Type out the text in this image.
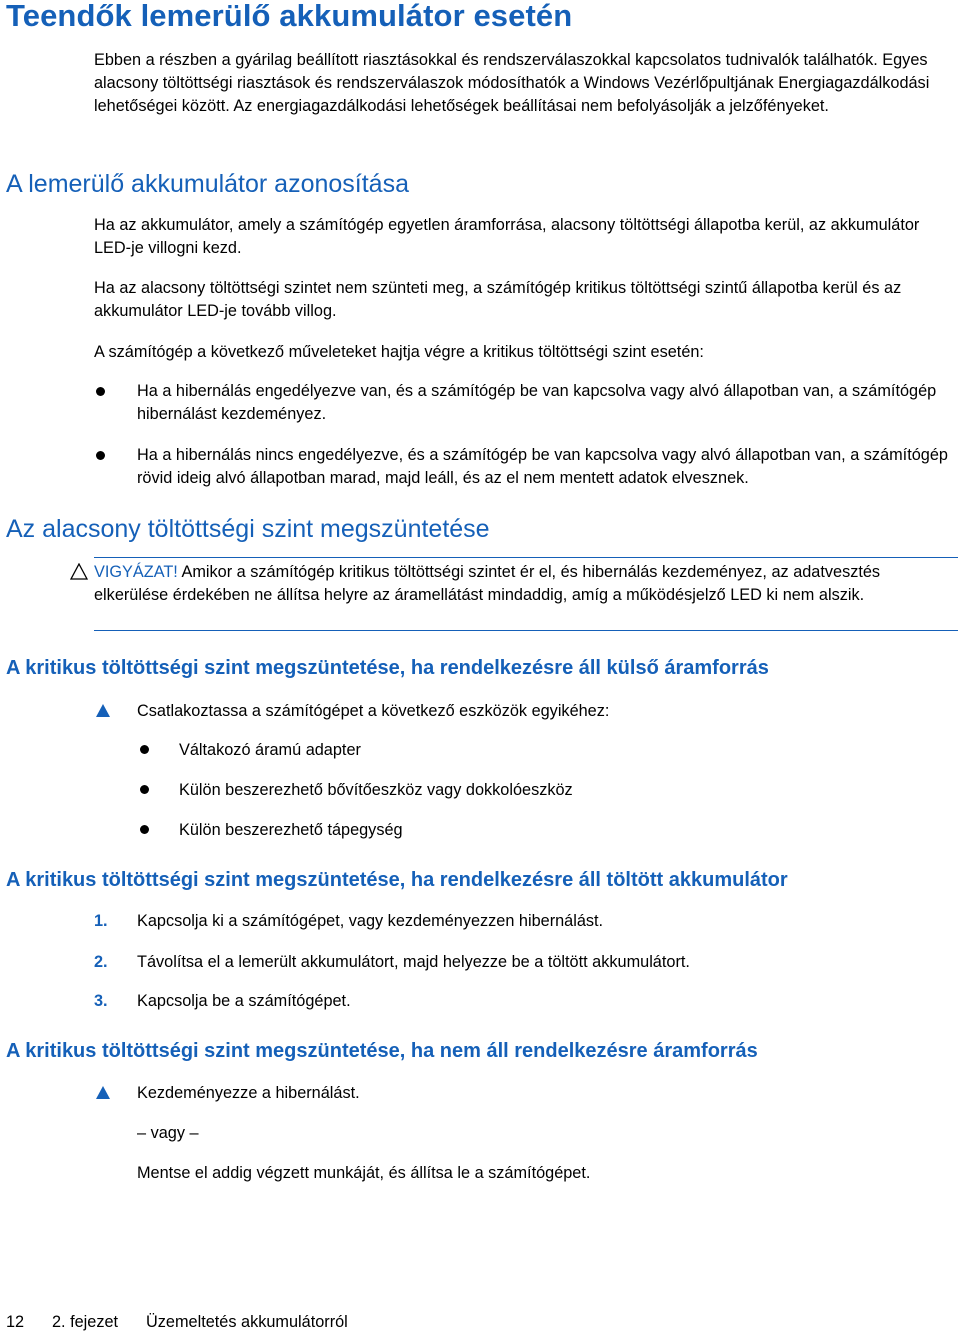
Teendők lemerülő akkumulátor esetén

Ebben a részben a gyárilag beállított riasztásokkal és rendszerválaszokkal kapcsolatos tudnivalók találhatók. Egyes alacsony töltöttségi riasztások és rendszerválaszok módosíthatók a Windows Vezérlőpultjának Energiagazdálkodási lehetőségei között. Az energiagazdálkodási lehetőségek beállításai nem befolyásolják a jelzőfényeket.

A lemerülő akkumulátor azonosítása

Ha az akkumulátor, amely a számítógép egyetlen áramforrása, alacsony töltöttségi állapotba kerül, az akkumulátor LED-je villogni kezd.

Ha az alacsony töltöttségi szintet nem szünteti meg, a számítógép kritikus töltöttségi szintű állapotba kerül és az akkumulátor LED-je tovább villog.

A számítógép a következő műveleteket hajtja végre a kritikus töltöttségi szint esetén:

Ha a hibernálás engedélyezve van, és a számítógép be van kapcsolva vagy alvó állapotban van, a számítógép hibernálást kezdeményez.

Ha a hibernálás nincs engedélyezve, és a számítógép be van kapcsolva vagy alvó állapotban van, a számítógép rövid ideig alvó állapotban marad, majd leáll, és az el nem mentett adatok elvesznek.

Az alacsony töltöttségi szint megszüntetése

VIGYÁZAT! Amikor a számítógép kritikus töltöttségi szintet ér el, és hibernálás kezdeményez, az adatvesztés elkerülése érdekében ne állítsa helyre az áramellátást mindaddig, amíg a működésjelző LED ki nem alszik.

A kritikus töltöttségi szint megszüntetése, ha rendelkezésre áll külső áramforrás

Csatlakoztassa a számítógépet a következő eszközök egyikéhez:

Váltakozó áramú adapter

Külön beszerezhető bővítőeszköz vagy dokkolóeszköz

Külön beszerezhető tápegység

A kritikus töltöttségi szint megszüntetése, ha rendelkezésre áll töltött akkumulátor
1. Kapcsolja ki a számítógépet, vagy kezdeményezzen hibernálást.

2. Távolítsa el a lemerült akkumulátort, majd helyezze be a töltött akkumulátort.

3. Kapcsolja be a számítógépet.

A kritikus töltöttségi szint megszüntetése, ha nem áll rendelkezésre áramforrás

Kezdeményezze a hibernálást.

– vagy –

Mentse el addig végzett munkáját, és állítsa le a számítógépet.

12 2. fejezet Üzemeltetés akkumulátorról
